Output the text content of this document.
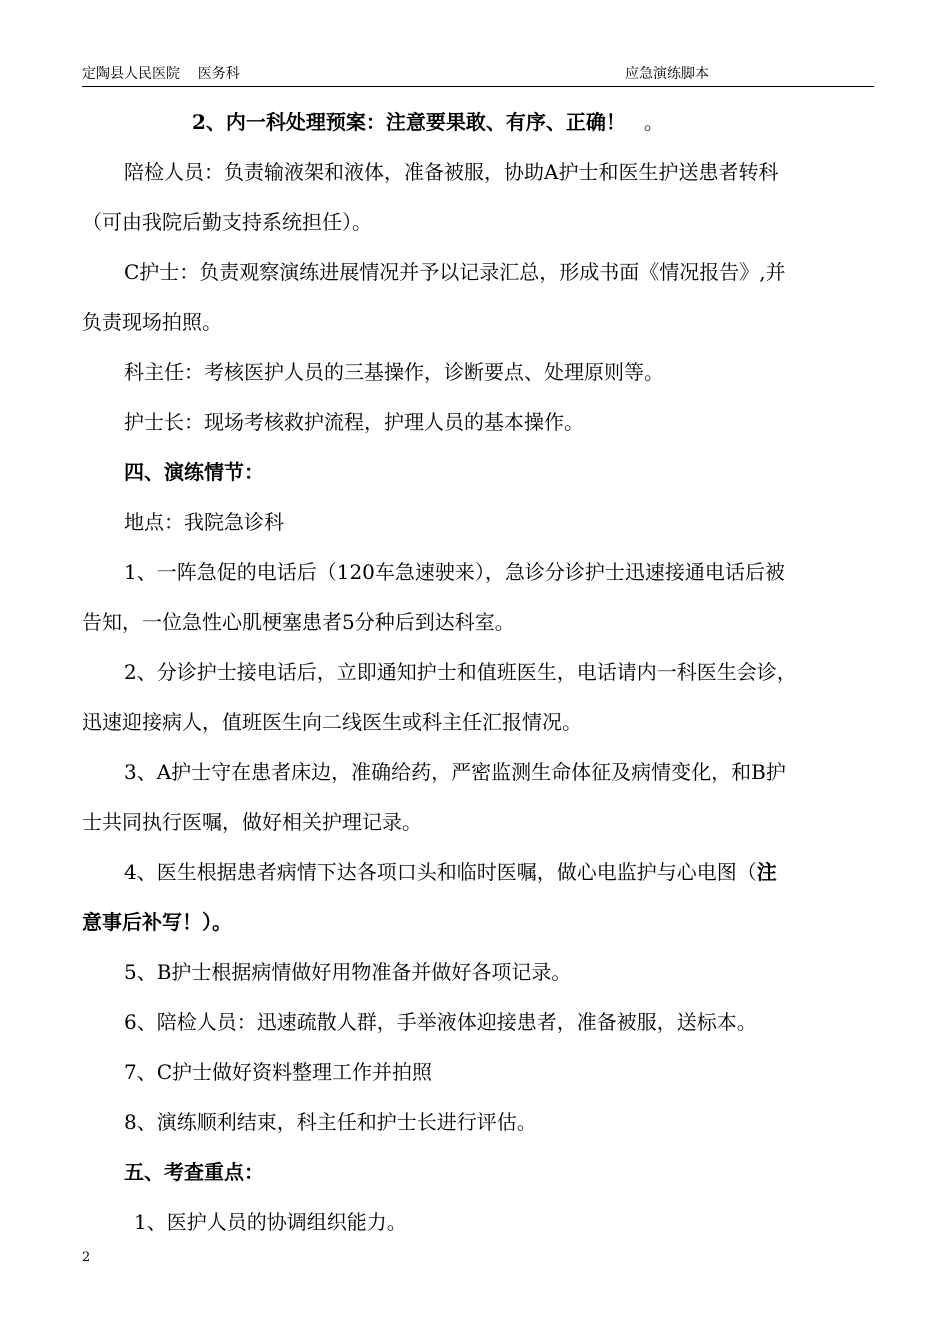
定陶县人民医院    医务科	应急演练脚本
2、内一科处理预案：注意要果敢、有序、正确！ 。
陪检人员：负责输液架和液体，准备被服，协助A护士和医生护送患者转科
（可由我院后勤支持系统担任）。
C护士：负责观察演练进展情况并予以记录汇总，形成书面《情况报告》,并
负责现场拍照。
科主任：考核医护人员的三基操作，诊断要点、处理原则等。
护士长：现场考核救护流程，护理人员的基本操作。
四、演练情节：
地点：我院急诊科
1、一阵急促的电话后（120车急速驶来），急诊分诊护士迅速接通电话后被
告知，一位急性心肌梗塞患者5分种后到达科室。
2、分诊护士接电话后，立即通知护士和值班医生，电话请内一科医生会诊，
迅速迎接病人，值班医生向二线医生或科主任汇报情况。
3、A护士守在患者床边，准确给药，严密监测生命体征及病情变化，和B护
士共同执行医嘱，做好相关护理记录。
4、医生根据患者病情下达各项口头和临时医嘱，做心电监护与心电图（注
意事后补写！）。
5、B护士根据病情做好用物准备并做好各项记录。
6、陪检人员：迅速疏散人群，手举液体迎接患者，准备被服，送标本。
7、C护士做好资料整理工作并拍照
8、演练顺利结束，科主任和护士长进行评估。
五、考查重点：
1、医护人员的协调组织能力。
2
